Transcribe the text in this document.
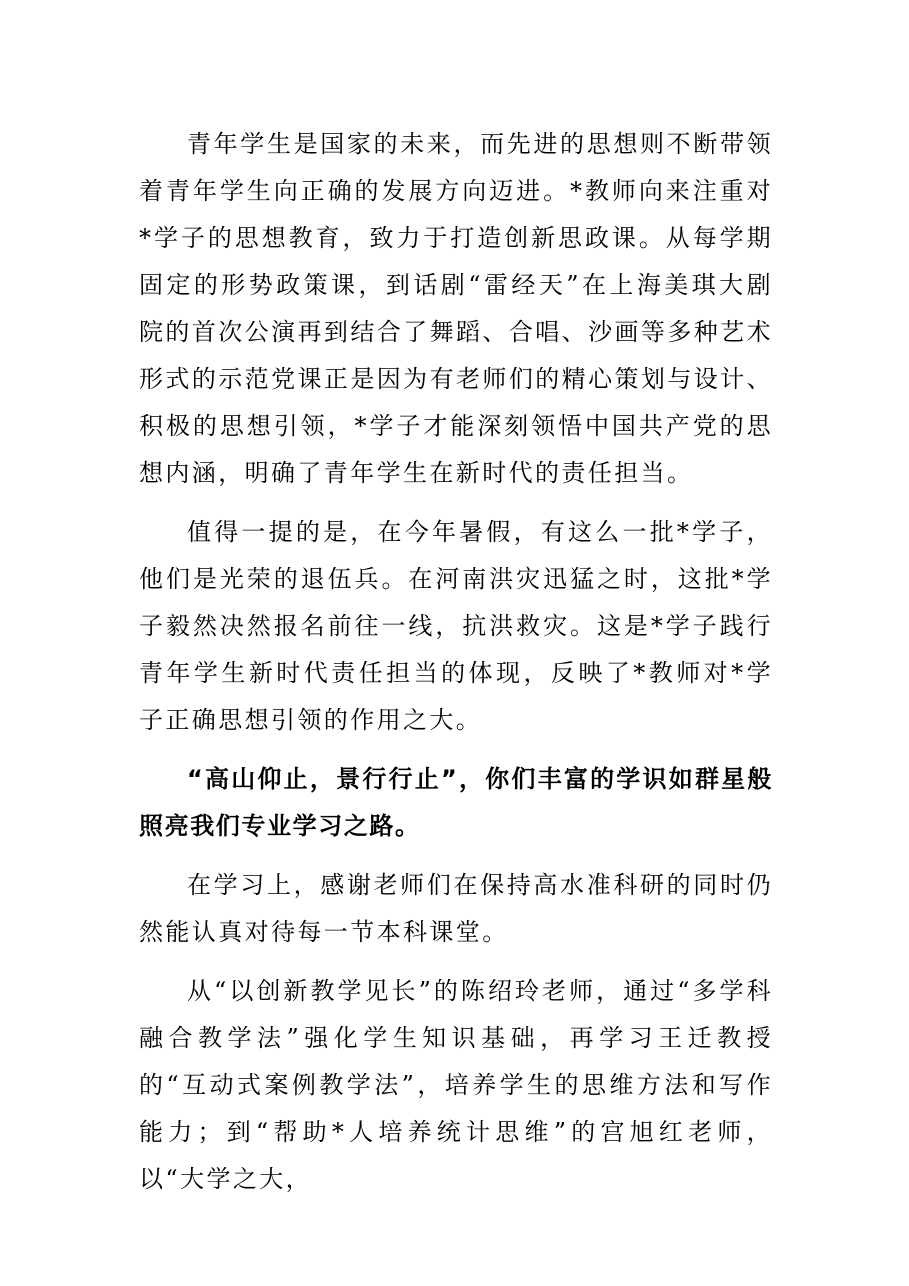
青年学生是国家的未来，而先进的思想则不断带领着青年学生向正确的发展方向迈进。*教师向来注重对*学子的思想教育，致力于打造创新思政课。从每学期固定的形势政策课，到话剧“雷经天”在上海美琪大剧院的首次公演再到结合了舞蹈、合唱、沙画等多种艺术形式的示范党课正是因为有老师们的精心策划与设计、积极的思想引领，*学子才能深刻领悟中国共产党的思想内涵，明确了青年学生在新时代的责任担当。

值得一提的是，在今年暑假，有这么一批*学子，他们是光荣的退伍兵。在河南洪灾迅猛之时，这批*学子毅然决然报名前往一线，抗洪救灾。这是*学子践行青年学生新时代责任担当的体现，反映了*教师对*学子正确思想引领的作用之大。

“高山仰止，景行行止”，你们丰富的学识如群星般照亮我们专业学习之路。

在学习上，感谢老师们在保持高水准科研的同时仍然能认真对待每一节本科课堂。

从“以创新教学见长”的陈绍玲老师，通过“多学科融合教学法”强化学生知识基础，再学习王迁教授的“互动式案例教学法”，培养学生的思维方法和写作能力；到“帮助*人培养统计思维”的宫旭红老师，以“大学之大，
